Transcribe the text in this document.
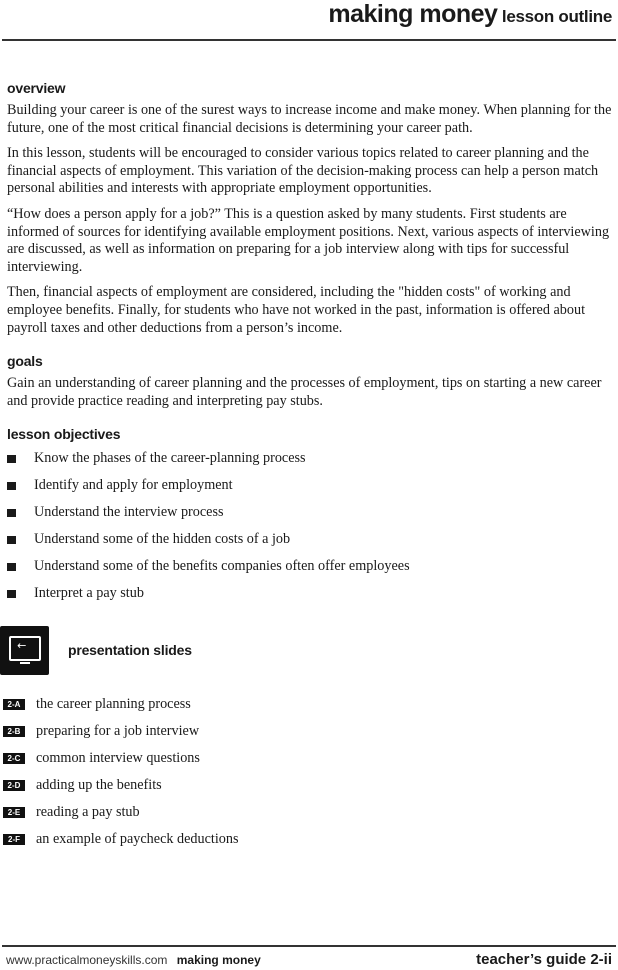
making money lesson outline
overview

Building your career is one of the surest ways to increase income and make money. When planning for the future, one of the most critical financial decisions is determining your career path.

In this lesson, students will be encouraged to consider various topics related to career planning and the financial aspects of employment. This variation of the decision-making process can help a person match personal abilities and interests with appropriate employment opportunities.

“How does a person apply for a job?” This is a question asked by many students. First students are informed of sources for identifying available employment positions. Next, various aspects of interviewing are discussed, as well as information on preparing for a job interview along with tips for successful interviewing.

Then, financial aspects of employment are considered, including the "hidden costs" of working and employee benefits. Finally, for students who have not worked in the past, information is offered about payroll taxes and other deductions from a person’s income.

goals

Gain an understanding of career planning and the processes of employment, tips on starting a new career and provide practice reading and interpreting pay stubs.

lesson objectives
Know the phases of the career-planning process
Identify and apply for employment
Understand the interview process
Understand some of the hidden costs of a job
Understand some of the benefits companies often offer employees
Interpret a pay stub
↖	presentation slides
2-A	the career planning process
2-B	preparing for a job interview
2-C	common interview questions
2-D	adding up the benefits
2-E	reading a pay stub
2-F	an example of paycheck deductions
www.practicalmoneyskills.com making money	teacher’s guide 2-ii
